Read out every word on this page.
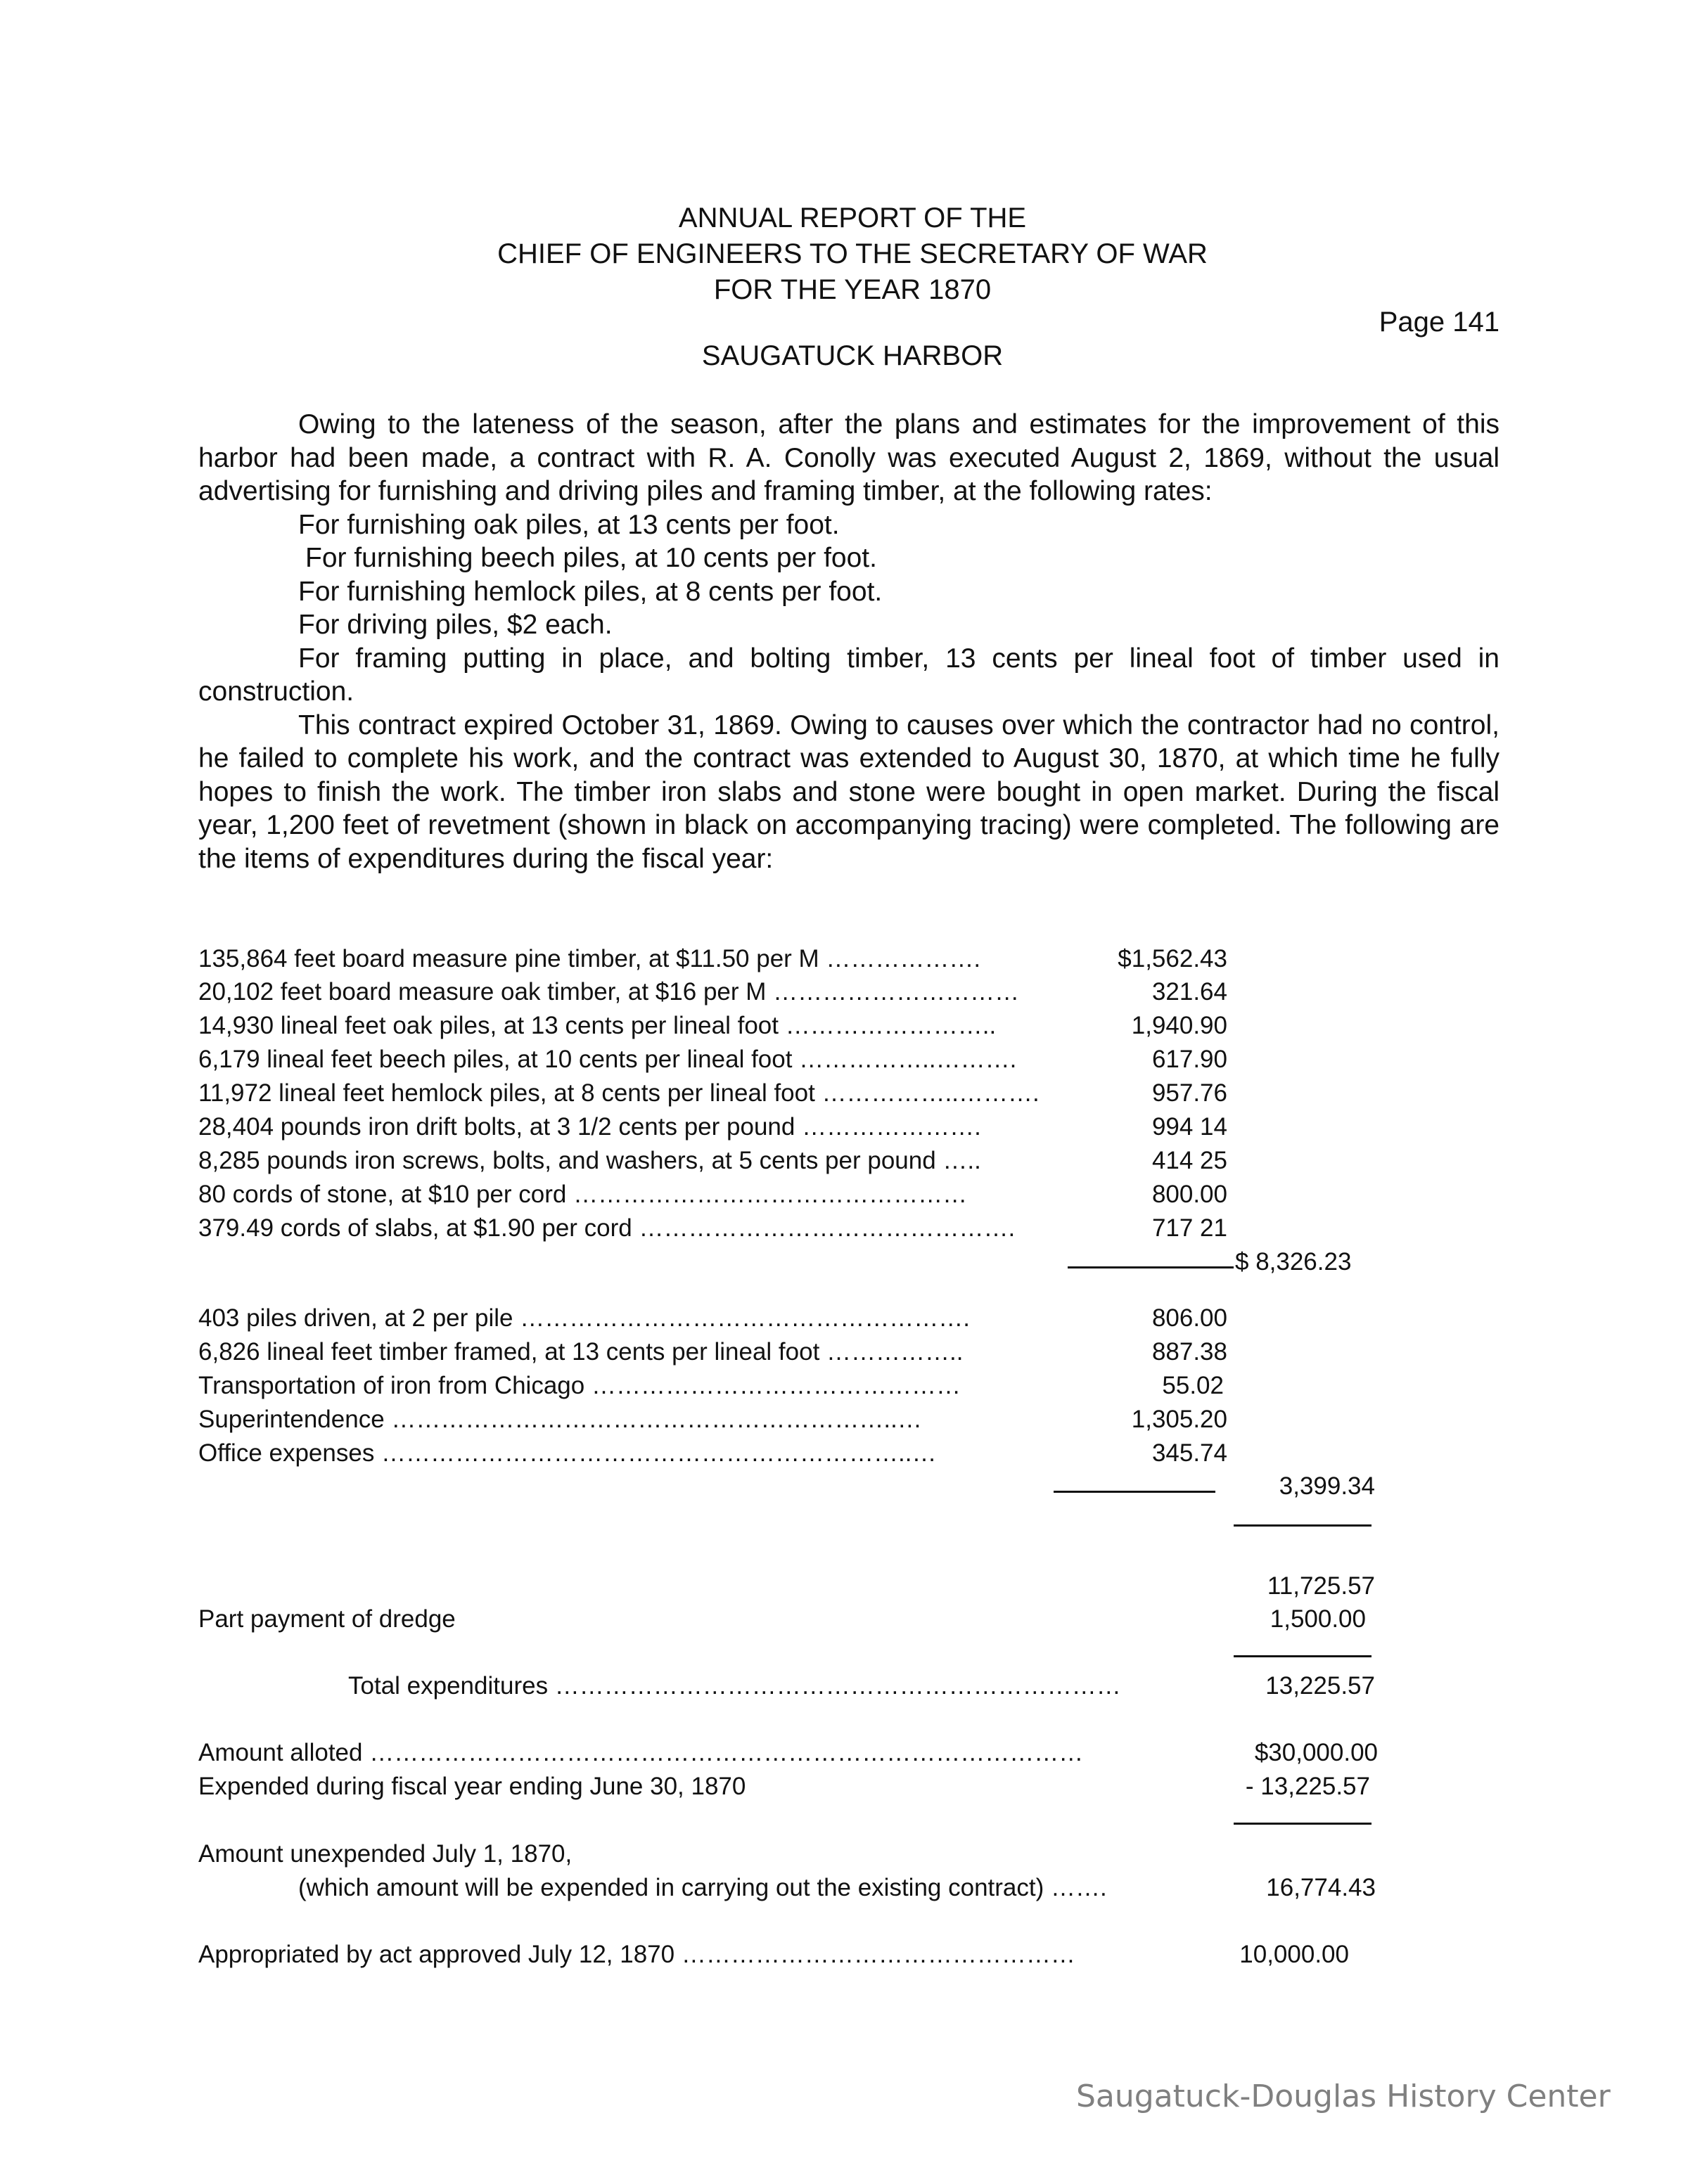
ANNUAL REPORT OF THE
CHIEF OF ENGINEERS TO THE SECRETARY OF WAR
FOR THE YEAR 1870
Page 141
SAUGATUCK HARBOR

Owing to the lateness of the season, after the plans and estimates for the improvement of this harbor had been made, a contract with R. A. Conolly was executed August 2, 1869, without the usual advertising for furnishing and driving piles and framing timber, at the following rates:

For furnishing oak piles, at 13 cents per foot.

For furnishing beech piles, at 10 cents per foot.

For furnishing hemlock piles, at 8 cents per foot.

For driving piles, $2 each.

For framing putting in place, and bolting timber, 13 cents per lineal foot of timber used in construction.

This contract expired October 31, 1869. Owing to causes over which the contractor had no control, he failed to complete his work, and the contract was extended to August 30, 1870, at which time he fully hopes to finish the work. The timber iron slabs and stone were bought in open market. During the fiscal year, 1,200 feet of revetment (shown in black on accompanying tracing) were completed. The following are the items of expenditures during the fiscal year:

135,864 feet board measure pine timber, at $11.50 per M ……………….	$1,562.43
20,102 feet board measure oak timber, at $16 per M …………………………	321.64
14,930 lineal feet oak piles, at 13 cents per lineal foot ……………………..	1,940.90
6,179 lineal feet beech piles, at 10 cents per lineal foot ……………..……….	617.90
11,972 lineal feet hemlock piles, at 8 cents per lineal foot ……………..……….	957.76
28,404 pounds iron drift bolts, at 3 1/2 cents per pound ………………….	994 14
8,285 pounds iron screws, bolts, and washers, at 5 cents per pound …..	414 25
80 cords of stone, at $10 per cord …………………………………………	800.00
379.49 cords of slabs, at $1.90 per cord ……………………………………….	717 21
$ 8,326.23
403 piles driven, at 2 per pile ……………………………………………….	806.00
6,826 lineal feet timber framed, at 13 cents per lineal foot ……………..	887.38
Transportation of iron from Chicago ………………………………………	55.02
Superintendence ……………………………………………………..…	1,305.20
Office expenses ………………………………………………………..…	345.74
3,399.34
11,725.57
Part payment of dredge	1,500.00
Total expenditures ……………………………………………………………	13,225.57
Amount alloted ……………………………………………………………………………	$30,000.00
Expended during fiscal year ending June 30, 1870	- 13,225.57
Amount unexpended July 1, 1870,
(which amount will be expended in carrying out the existing contract) …….	16,774.43
Appropriated by act approved July 12, 1870 …………………………………………	10,000.00
Saugatuck-Douglas History Center
